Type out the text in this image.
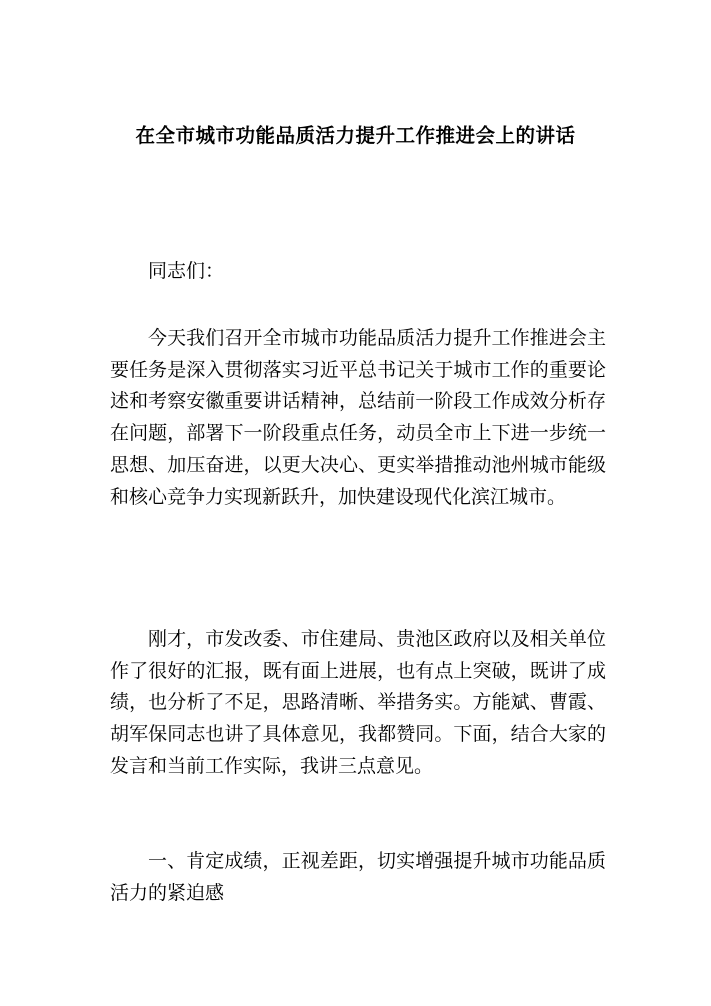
在全市城市功能品质活力提升工作推进会上的讲话

同志们：

今天我们召开全市城市功能品质活力提升工作推进会主要任务是深入贯彻落实习近平总书记关于城市工作的重要论述和考察安徽重要讲话精神，总结前一阶段工作成效分析存在问题，部署下一阶段重点任务，动员全市上下进一步统一思想、加压奋进，以更大决心、更实举措推动池州城市能级和核心竞争力实现新跃升，加快建设现代化滨江城市。

刚才，市发改委、市住建局、贵池区政府以及相关单位作了很好的汇报，既有面上进展，也有点上突破，既讲了成绩，也分析了不足，思路清晰、举措务实。方能斌、曹霞、胡军保同志也讲了具体意见，我都赞同。下面，结合大家的发言和当前工作实际，我讲三点意见。

一、肯定成绩，正视差距，切实增强提升城市功能品质活力的紧迫感
